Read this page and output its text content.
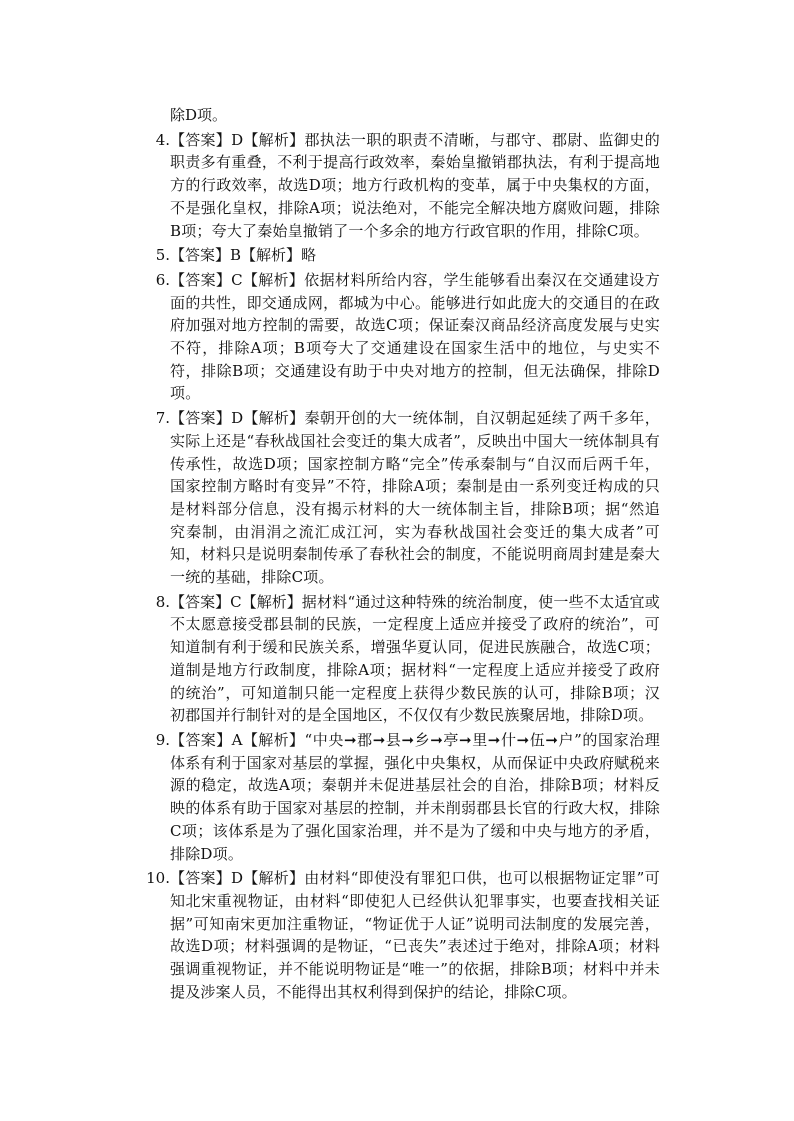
除D项。

4. 【答案】D【解析】郡执法一职的职责不清晰，与郡守、郡尉、监御史的职责多有重叠，不利于提高行政效率，秦始皇撤销郡执法，有利于提高地方的行政效率，故选D项；地方行政机构的变革，属于中央集权的方面，不是强化皇权，排除A项；说法绝对，不能完全解决地方腐败问题，排除B项；夸大了秦始皇撤销了一个多余的地方行政官职的作用，排除C项。
5. 【答案】B【解析】略
6. 【答案】C【解析】依据材料所给内容，学生能够看出秦汉在交通建设方面的共性，即交通成网，都城为中心。能够进行如此庞大的交通目的在政府加强对地方控制的需要，故选C项；保证秦汉商品经济高度发展与史实不符，排除A项；B项夸大了交通建设在国家生活中的地位，与史实不符，排除B项；交通建设有助于中央对地方的控制，但无法确保，排除D项。
7. 【答案】D【解析】秦朝开创的大一统体制，自汉朝起延续了两千多年，实际上还是“春秋战国社会变迁的集大成者”，反映出中国大一统体制具有传承性，故选D项；国家控制方略“完全”传承秦制与“自汉而后两千年，国家控制方略时有变异”不符，排除A项；秦制是由一系列变迁构成的只是材料部分信息，没有揭示材料的大一统体制主旨，排除B项；据“然追究秦制，由涓涓之流汇成江河，实为春秋战国社会变迁的集大成者”可知，材料只是说明秦制传承了春秋社会的制度，不能说明商周封建是秦大一统的基础，排除C项。
8. 【答案】C【解析】据材料“通过这种特殊的统治制度，使一些不太适宜或不太愿意接受郡县制的民族，一定程度上适应并接受了政府的统治”，可知道制有利于缓和民族关系，增强华夏认同，促进民族融合，故选C项；道制是地方行政制度，排除A项；据材料“一定程度上适应并接受了政府的统治”，可知道制只能一定程度上获得少数民族的认可，排除B项；汉初郡国并行制针对的是全国地区，不仅仅有少数民族聚居地，排除D项。
9. 【答案】A【解析】“中央➞郡➞县➞乡➞亭➞里➞什➞伍➞户”的国家治理体系有利于国家对基层的掌握，强化中央集权，从而保证中央政府赋税来源的稳定，故选A项；秦朝并未促进基层社会的自治，排除B项；材料反映的体系有助于国家对基层的控制，并未削弱郡县长官的行政大权，排除C项；该体系是为了强化国家治理，并不是为了缓和中央与地方的矛盾，排除D项。
10. 【答案】D【解析】由材料“即使没有罪犯口供，也可以根据物证定罪”可知北宋重视物证，由材料“即使犯人已经供认犯罪事实，也要查找相关证据”可知南宋更加注重物证，“物证优于人证”说明司法制度的发展完善，故选D项；材料强调的是物证，“已丧失”表述过于绝对，排除A项；材料强调重视物证，并不能说明物证是“唯一”的依据，排除B项；材料中并未提及涉案人员，不能得出其权利得到保护的结论，排除C项。
